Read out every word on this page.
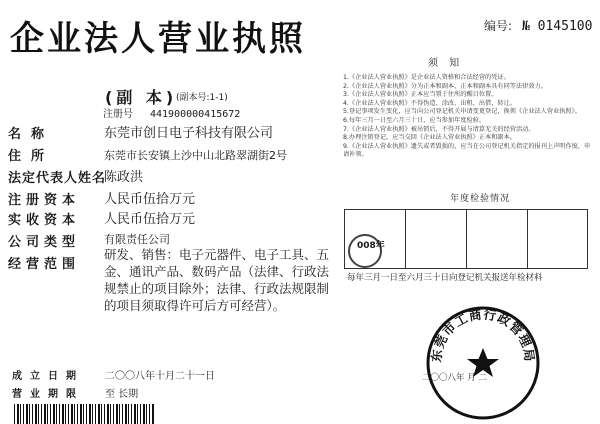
企业法人营业执照	编号: № 0145100
(副 本)
(副本号:1-1)
注册号 441900000415672
名称	东莞市创日电子科技有限公司
住所	东莞市长安镇上沙中山北路翠湖街2号
法定代表人姓名
陈政洪
注册资本 人民币伍拾万元
实收资本 人民币伍拾万元
公司类型 有限责任公司
经营范围
研发、销售：电子元器件、电子工具、五金、通讯产品、数码产品（法律、行政法规禁止的项目除外；法律、行政法规限制的项目须取得许可后方可经营）。
成立日期 二〇〇八年十月二十一日
营业期限 至 长期
须 知
1.《企业法人营业执照》是企业法人资格和合法经营的凭证。
2.《企业法人营业执照》分为正本和副本，正本和副本具有同等法律效力。
3.《企业法人营业执照》正本应当置于住所的醒目位置。
4.《企业法人营业执照》不得伪造、涂改、出租、出借、转让。
5.登记事项发生变化，应当向公司登记机关申请变更登记，换领《企业法人营业执照》。
6.每年三月一日至六月三十日，应当参加年度检验。
7.《企业法人营业执照》被吊销后，不得开展与清算无关的经营活动。
8.办理注销登记，应当交回《企业法人营业执照》正本和副本。
9.《企业法人营业执照》遗失或者毁损的，应当在公司登记机关指定的报刊上声明作废，申请补领。
年度检验情况
008年
每年三月一日至六月三十日向登记机关报送年检材料
二〇〇八年 月 二
东莞市工商行政管理局
